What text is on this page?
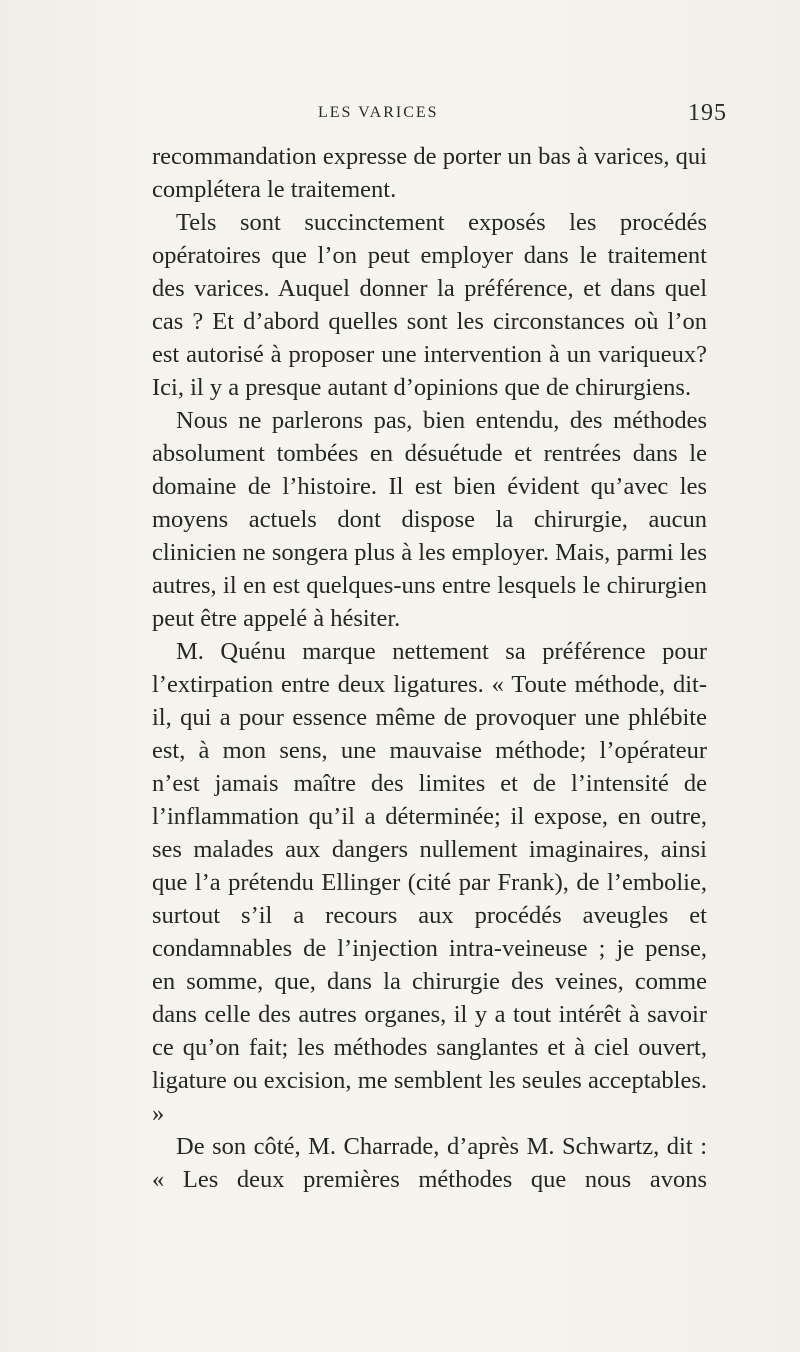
LES VARICES	195

recommandation expresse de porter un bas à varices, qui complétera le traitement.

Tels sont succinctement exposés les procédés opératoires que l’on peut employer dans le traitement des varices. Auquel donner la préférence, et dans quel cas ? Et d’abord quelles sont les circonstances où l’on est autorisé à proposer une intervention à un variqueux? Ici, il y a presque autant d’opinions que de chirurgiens.

Nous ne parlerons pas, bien entendu, des méthodes absolument tombées en désuétude et rentrées dans le domaine de l’histoire. Il est bien évident qu’avec les moyens actuels dont dispose la chirurgie, aucun clinicien ne songera plus à les employer. Mais, parmi les autres, il en est quelques-uns entre lesquels le chirurgien peut être appelé à hésiter.

M. Quénu marque nettement sa préférence pour l’extirpation entre deux ligatures. « Toute méthode, dit-il, qui a pour essence même de provoquer une phlébite est, à mon sens, une mauvaise méthode; l’opérateur n’est jamais maître des limites et de l’intensité de l’inflammation qu’il a déterminée; il expose, en outre, ses malades aux dangers nullement imaginaires, ainsi que l’a prétendu Ellinger (cité par Frank), de l’embolie, surtout s’il a recours aux procédés aveugles et condamnables de l’injection intra-veineuse ; je pense, en somme, que, dans la chirurgie des veines, comme dans celle des autres organes, il y a tout intérêt à savoir ce qu’on fait; les méthodes sanglantes et à ciel ouvert, ligature ou excision, me semblent les seules acceptables. »

De son côté, M. Charrade, d’après M. Schwartz, dit : « Les deux premières méthodes que nous avons
